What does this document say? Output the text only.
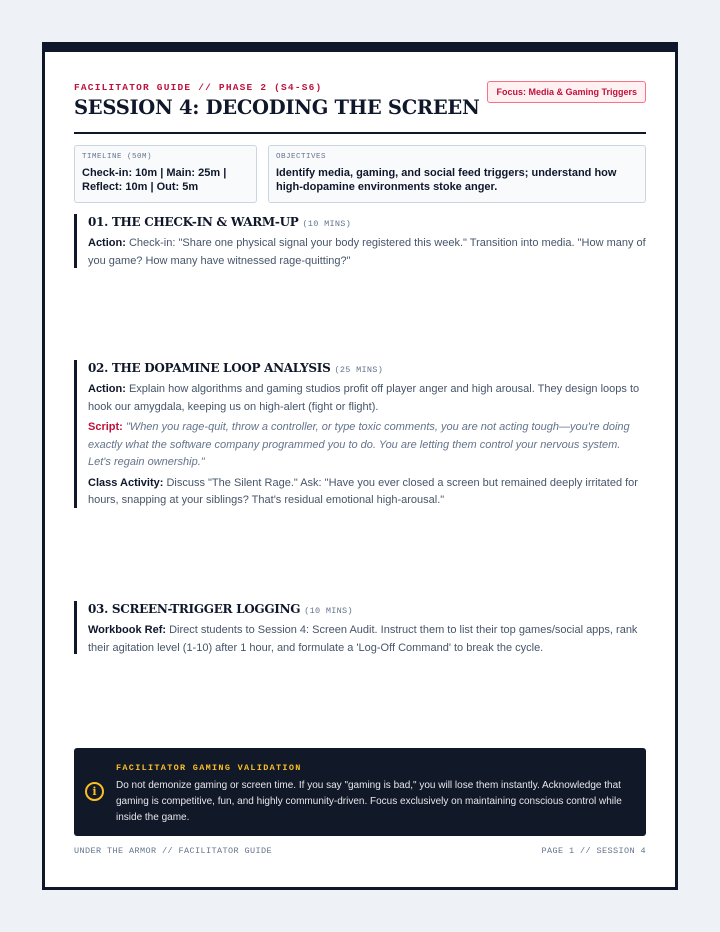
FACILITATOR GUIDE // PHASE 2 (S4-S6)	Focus: Media & Gaming Triggers
SESSION 4: DECODING THE SCREEN
TIMELINE (50M)
Check-in: 10m | Main: 25m | Reflect: 10m | Out: 5m
OBJECTIVES
Identify media, gaming, and social feed triggers; understand how high-dopamine environments stoke anger.
01. THE CHECK-IN & WARM-UP (10 MINS)

Action: Check-in: "Share one physical signal your body registered this week." Transition into media. "How many of you game? How many have witnessed rage-quitting?"

02. THE DOPAMINE LOOP ANALYSIS (25 MINS)

Action: Explain how algorithms and gaming studios profit off player anger and high arousal. They design loops to hook our amygdala, keeping us on high-alert (fight or flight).

Script: "When you rage-quit, throw a controller, or type toxic comments, you are not acting tough—you're doing exactly what the software company programmed you to do. You are letting them control your nervous system. Let's regain ownership."

Class Activity: Discuss "The Silent Rage." Ask: "Have you ever closed a screen but remained deeply irritated for hours, snapping at your siblings? That's residual emotional high-arousal."

03. SCREEN-TRIGGER LOGGING (10 MINS)

Workbook Ref: Direct students to Session 4: Screen Audit. Instruct them to list their top games/social apps, rank their agitation level (1-10) after 1 hour, and formulate a 'Log-Off Command' to break the cycle.

i
FACILITATOR GAMING VALIDATION
Do not demonize gaming or screen time. If you say "gaming is bad," you will lose them instantly. Acknowledge that gaming is competitive, fun, and highly community-driven. Focus exclusively on maintaining conscious control while inside the game.
UNDER THE ARMOR // FACILITATOR GUIDE	PAGE 1 // SESSION 4
